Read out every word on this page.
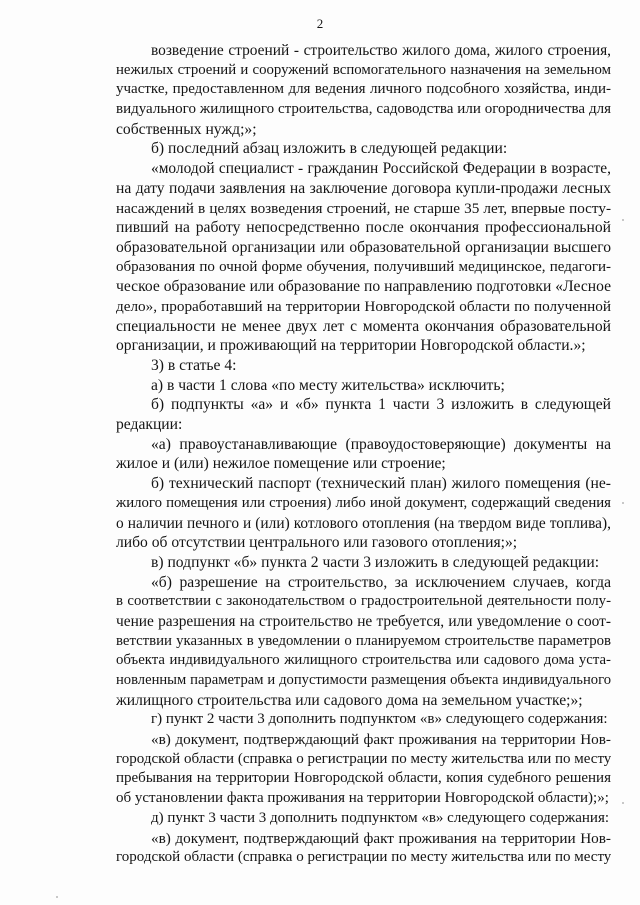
2
возведение строений - строительство жилого дома, жилого строения,
нежилых строений и сооружений вспомогательного назначения на земельном
участке, предоставленном для ведения личного подсобного хозяйства, инди-
видуального жилищного строительства, садоводства или огородничества для
собственных нужд;»;
б) последний абзац изложить в следующей редакции:
«молодой специалист - гражданин Российской Федерации в возрасте,
на дату подачи заявления на заключение договора купли-продажи лесных
насаждений в целях возведения строений, не старше 35 лет, впервые посту-
пивший на работу непосредственно после окончания профессиональной
образовательной организации или образовательной организации высшего
образования по очной форме обучения, получивший медицинское, педагоги-
ческое образование или образование по направлению подготовки «Лесное
дело», проработавший на территории Новгородской области по полученной
специальности не менее двух лет с момента окончания образовательной
организации, и проживающий на территории Новгородской области.»;
3) в статье 4:
а) в части 1 слова «по месту жительства» исключить;
б) подпункты «а» и «б» пункта 1 части 3 изложить в следующей
редакции:
«а) правоустанавливающие (правоудостоверяющие) документы на
жилое и (или) нежилое помещение или строение;
б) технический паспорт (технический план) жилого помещения (не-
жилого помещения или строения) либо иной документ, содержащий сведения
о наличии печного и (или) котлового отопления (на твердом виде топлива),
либо об отсутствии центрального или газового отопления;»;
в) подпункт «б» пункта 2 части 3 изложить в следующей редакции:
«б) разрешение на строительство, за исключением случаев, когда
в соответствии с законодательством о градостроительной деятельности полу-
чение разрешения на строительство не требуется, или уведомление о соот-
ветствии указанных в уведомлении о планируемом строительстве параметров
объекта индивидуального жилищного строительства или садового дома уста-
новленным параметрам и допустимости размещения объекта индивидуального
жилищного строительства или садового дома на земельном участке;»;
г) пункт 2 части 3 дополнить подпунктом «в» следующего содержания:
«в) документ, подтверждающий факт проживания на территории Нов-
городской области (справка о регистрации по месту жительства или по месту
пребывания на территории Новгородской области, копия судебного решения
об установлении факта проживания на территории Новгородской области);»;
д) пункт 3 части 3 дополнить подпунктом «в» следующего содержания:
«в) документ, подтверждающий факт проживания на территории Нов-
городской области (справка о регистрации по месту жительства или по месту
